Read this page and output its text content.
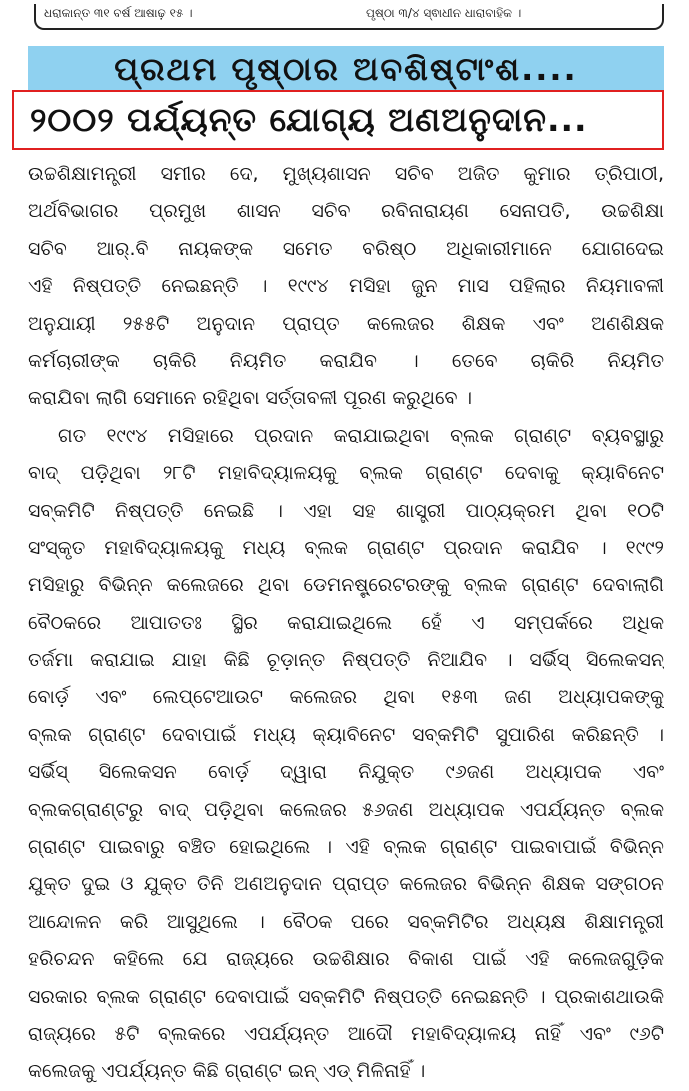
ଧରାକାନ୍ତ ୩୧ ବର୍ଷ ଆଷାଢ଼ ୧୫ ।	ପୃଷ୍ଠା ୩/୪ ସ୍ଵାଧୀନ ଧାରାବାହିକ ।
ପ୍ରଥମ ପୃଷ୍ଠାର ଅବଶିଷ୍ଟାଂଶ....
୨୦୦୨ ପର୍ଯ୍ୟନ୍ତ ଯୋଗ୍ୟ ଅଣଅନୁଦାନ...
ଉଚ୍ଚଶିକ୍ଷାମନ୍ତ୍ରୀ ସମୀର ଦେ, ମୁଖ୍ୟଶାସନ ସଚିବ ଅଜିତ କୁମାର ତ୍ରିପାଠୀ,
ଅର୍ଥବିଭାଗର ପ୍ରମୁଖ ଶାସନ ସଚିବ ରବିନାରାୟଣ ସେନାପତି, ଉଚ୍ଚଶିକ୍ଷା
ସଚିବ ଆର୍.ବି ନାୟକଙ୍କ ସମେତ ବରିଷ୍ଠ ଅଧିକାରୀମାନେ ଯୋଗଦେଇ
ଏହି ନିଷ୍ପତ୍ତି ନେଇଛନ୍ତି । ୧୯୯୪ ମସିହା ଜୁନ ମାସ ପହିଲାର ନିୟମାବଳୀ
ଅନୁଯାୟୀ ୨୫୫ଟି ଅନୁଦାନ ପ୍ରାପ୍ତ କଲେଜର ଶିକ୍ଷକ ଏବଂ ଅଣଶିକ୍ଷକ
କର୍ମଚାରୀଙ୍କ ଚାକିରି ନିୟମିତ କରାଯିବ । ତେବେ ଚାକିରି ନିୟମିତ
କରାଯିବା ଲାଗି ସେମାନେ ରହିଥିବା ସର୍ତ୍ତାବଳୀ ପୂରଣ କରୁଥିବେ ।
ଗତ ୧୯୯୪ ମସିହାରେ ପ୍ରଦାନ କରାଯାଇଥିବା ବ୍ଲକ ଗ୍ରାଣ୍ଟ ବ୍ୟବସ୍ଥାରୁ
ବାଦ୍ ପଡ଼ିଥିବା ୨୮ଟି ମହାବିଦ୍ୟାଳୟକୁ ବ୍ଲକ ଗ୍ରାଣ୍ଟ ଦେବାକୁ କ୍ୟାବିନେଟ
ସବ୍‌କମିଟି ନିଷ୍ପତ୍ତି ନେଇଛି । ଏହା ସହ ଶାସ୍ତ୍ରୀ ପାଠ୍ୟକ୍ରମ ଥିବା ୧୦ଟି
ସଂସ୍କୃତ ମହାବିଦ୍ୟାଳୟକୁ ମଧ୍ୟ ବ୍ଲକ ଗ୍ରାଣ୍ଟ ପ୍ରଦାନ କରାଯିବ । ୧୯୯୨
ମସିହାରୁ ବିଭିନ୍ନ କଲେଜରେ ଥିବା ଡେମନଷ୍ଟ୍ରେଟରଙ୍କୁ ବ୍ଲକ ଗ୍ରାଣ୍ଟ ଦେବାଲାଗି
ବୈଠକରେ ଆପାତତଃ ସ୍ଥିର କରାଯାଇଥିଲେ ହେଁ ଏ ସମ୍ପର୍କରେ ଅଧିକ
ତର୍ଜମା କରାଯାଇ ଯାହା କିଛି ଚୂଡ଼ାନ୍ତ ନିଷ୍ପତ୍ତି ନିଆଯିବ । ସର୍ଭିସ୍ ସିଲେକସନ୍
ବୋର୍ଡ଼ ଏବଂ ଲେପ୍ଟେଆଉଟ କଲେଜର ଥିବା ୧୫୩ ଜଣ ଅଧ୍ୟାପକଙ୍କୁ
ବ୍ଲକ ଗ୍ରାଣ୍ଟ ଦେବାପାଇଁ ମଧ୍ୟ କ୍ୟାବିନେଟ ସବ୍‌କମିଟି ସୁପାରିଶ କରିଛନ୍ତି ।
ସର୍ଭିସ୍ ସିଲେକସନ ବୋର୍ଡ଼ ଦ୍ୱାରା ନିଯୁକ୍ତ ୯୬ଜଣ ଅଧ୍ୟାପକ ଏବଂ
ବ୍ଲକଗ୍ରାଣ୍ଟରୁ ବାଦ୍ ପଡ଼ିଥିବା କଲେଜର ୫୬ଜଣ ଅଧ୍ୟାପକ ଏପର୍ଯ୍ୟନ୍ତ ବ୍ଲକ
ଗ୍ରାଣ୍ଟ ପାଇବାରୁ ବଞ୍ଚିତ ହୋଇଥିଲେ । ଏହି ବ୍ଲକ ଗ୍ରାଣ୍ଟ ପାଇବାପାଇଁ ବିଭିନ୍ନ
ଯୁକ୍ତ ଦୁଇ ଓ ଯୁକ୍ତ ତିନି ଅଣଅନୁଦାନ ପ୍ରାପ୍ତ କଲେଜର ବିଭିନ୍ନ ଶିକ୍ଷକ ସଙ୍ଗଠନ
ଆନ୍ଦୋଳନ କରି ଆସୁଥିଲେ । ବୈଠକ ପରେ ସବ୍‌କମିଟିର ଅଧ୍ୟକ୍ଷ ଶିକ୍ଷାମନ୍ତ୍ରୀ
ହରିଚନ୍ଦନ କହିଲେ ଯେ ରାଜ୍ୟରେ ଉଚ୍ଚଶିକ୍ଷାର ବିକାଶ ପାଇଁ ଏହି କଲେଜଗୁଡ଼ିକ
ସରକାର ବ୍ଲକ ଗ୍ରାଣ୍ଟ ଦେବାପାଇଁ ସବ୍‌କମିଟି ନିଷ୍ପତ୍ତି ନେଇଛନ୍ତି । ପ୍ରକାଶଥାଉକି
ରାଜ୍ୟରେ ୫ଟି ବ୍ଲକରେ ଏପର୍ଯ୍ୟନ୍ତ ଆଦୌ ମହାବିଦ୍ୟାଳୟ ନାହିଁ ଏବଂ ୯୬ଟି
କଲେଜକୁ ଏପର୍ଯ୍ୟନ୍ତ କିଛି ଗ୍ରାଣ୍ଟ ଇନ୍ ଏଡ୍ ମିଳିନାହିଁ ।
